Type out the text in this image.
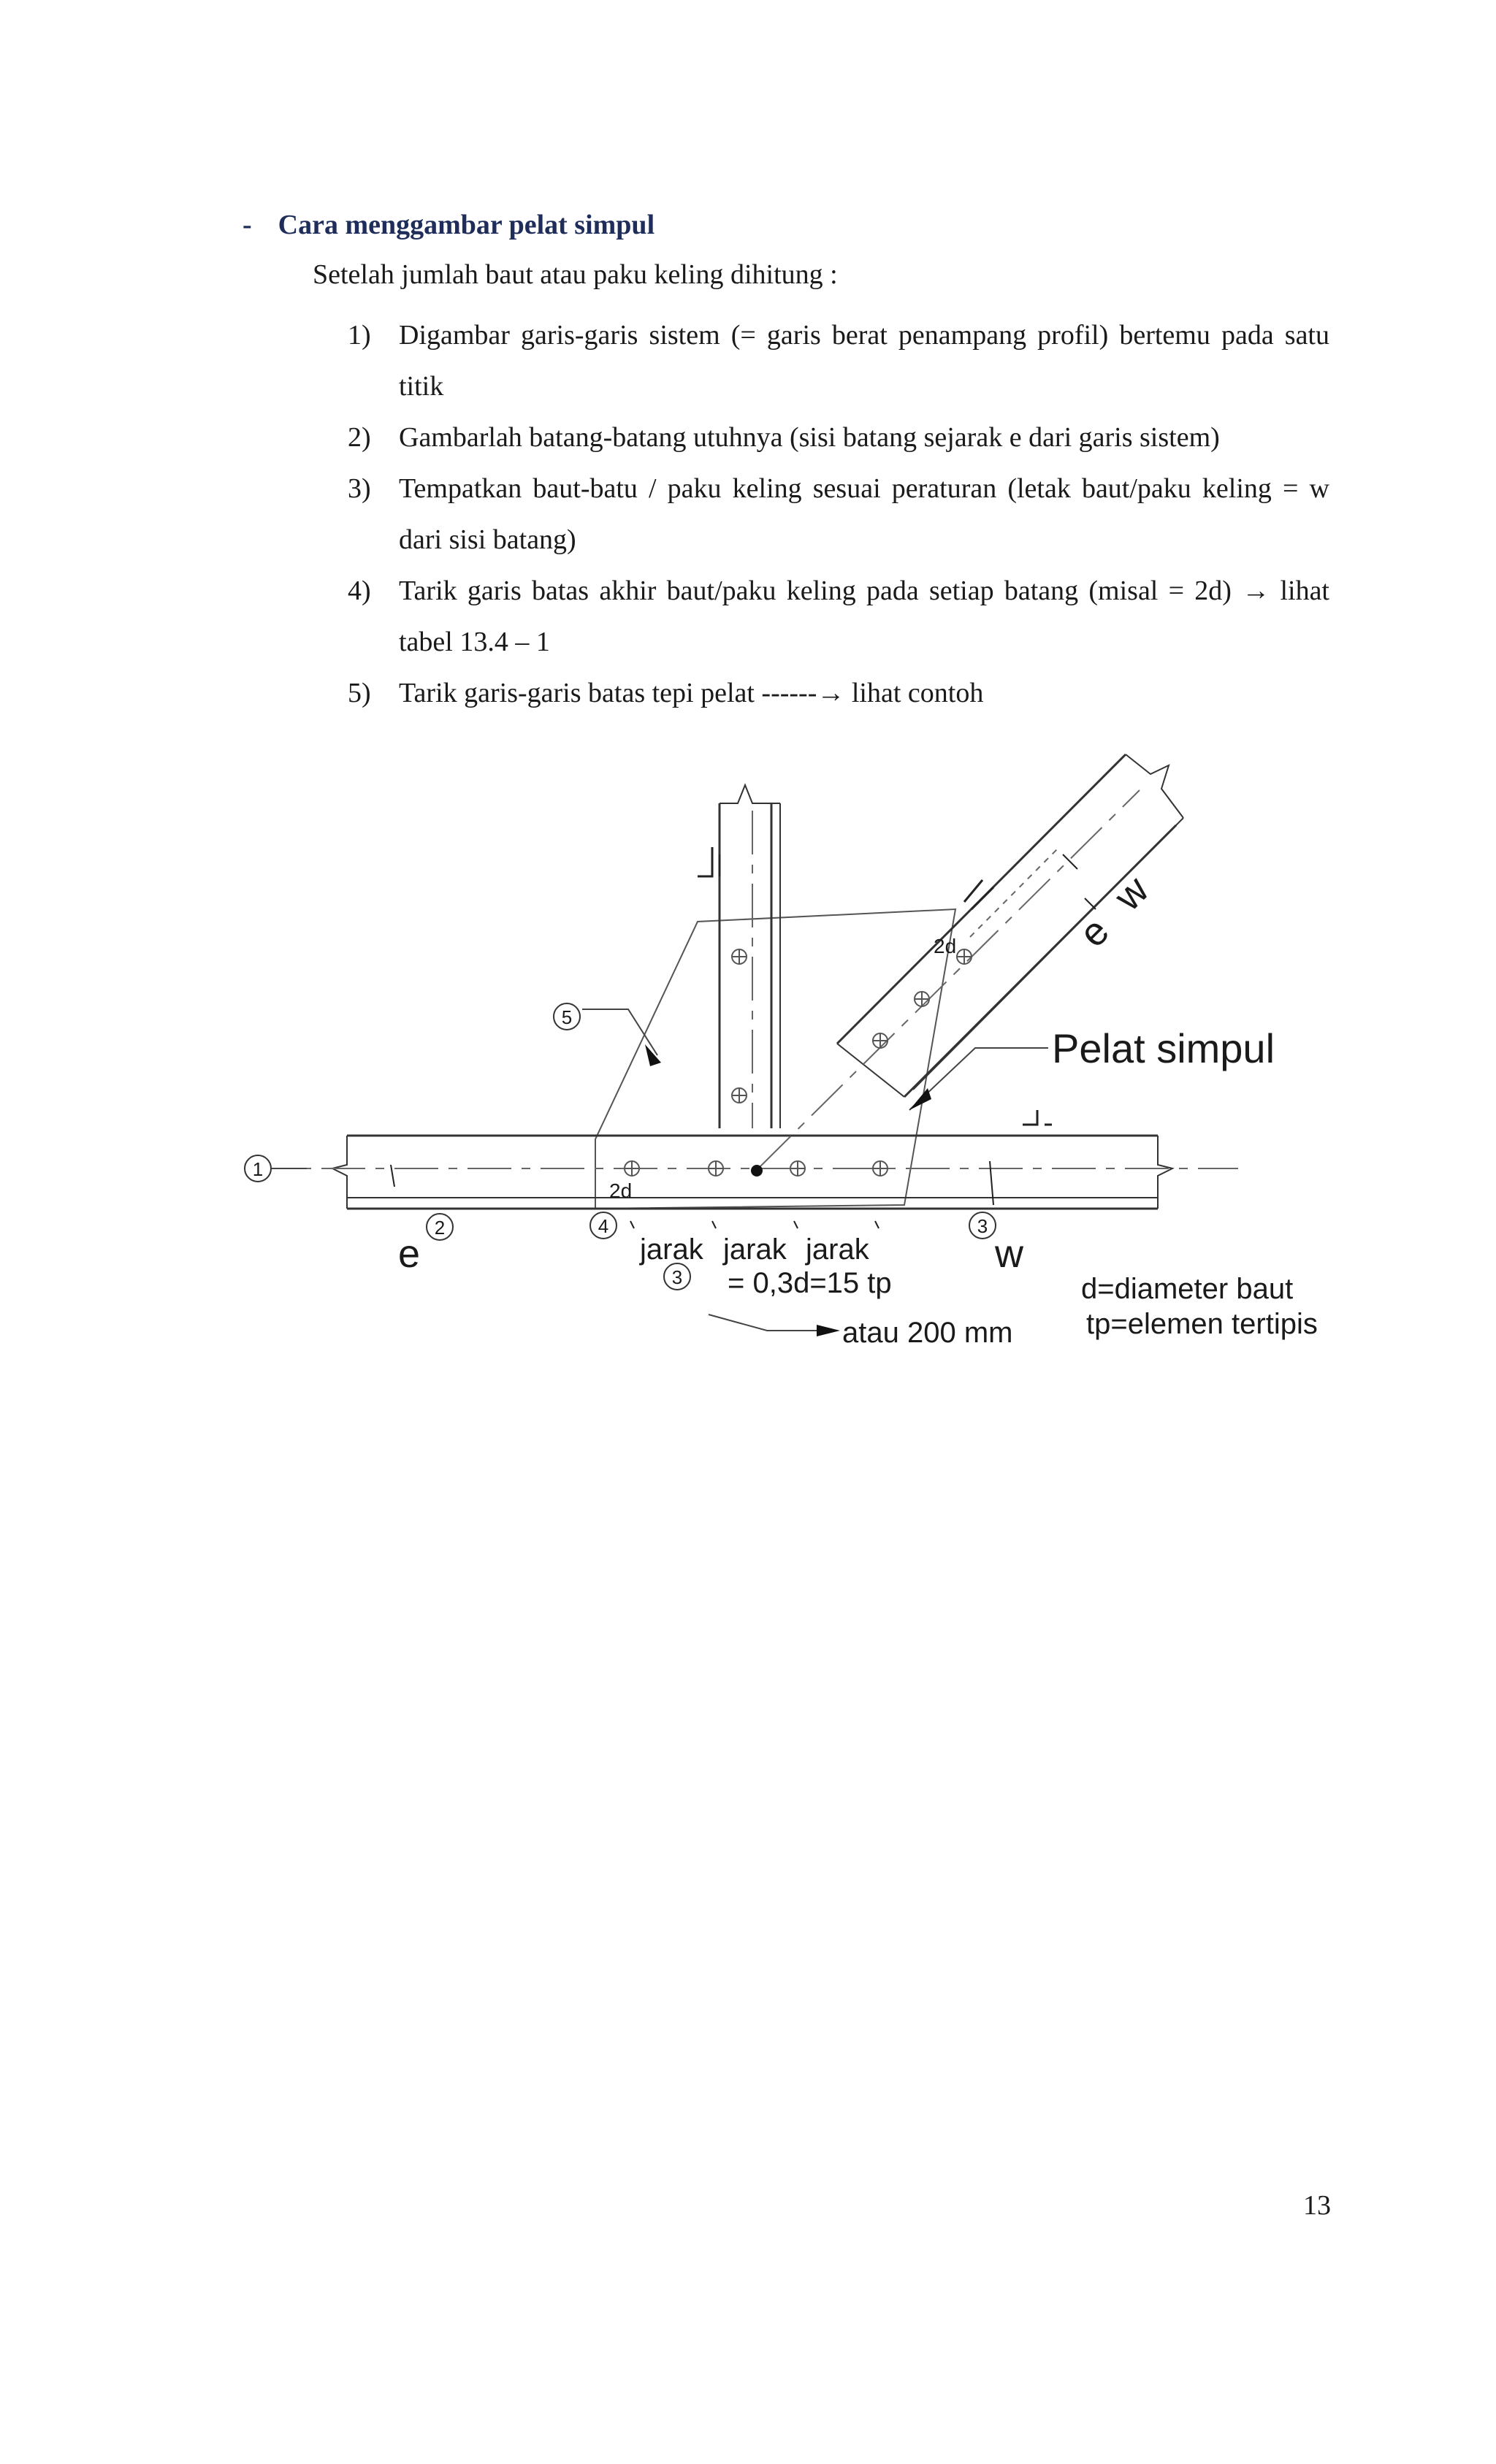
- Cara menggambar pelat simpul
Setelah jumlah baut atau paku keling dihitung :
1) Digambar garis-garis sistem (= garis berat penampang profil) bertemu pada satu titik
2) Gambarlah batang-batang utuhnya (sisi batang sejarak e dari garis sistem)
3) Tempatkan baut-batu / paku keling sesuai peraturan (letak baut/paku keling = w dari sisi batang)
4) Tarik garis batas akhir baut/paku keling pada setiap batang (misal = 2d) → lihat tabel 13.4 – 1
5) Tarik garis-garis batas tepi pelat ------→ lihat contoh
1
2	4	3
3
5
e	w
2d
2d	e
w
Pelat simpul
jarak jarak jarak
= 0,3d=15 tp
atau 200 mm
d=diameter baut
tp=elemen tertipis
13
